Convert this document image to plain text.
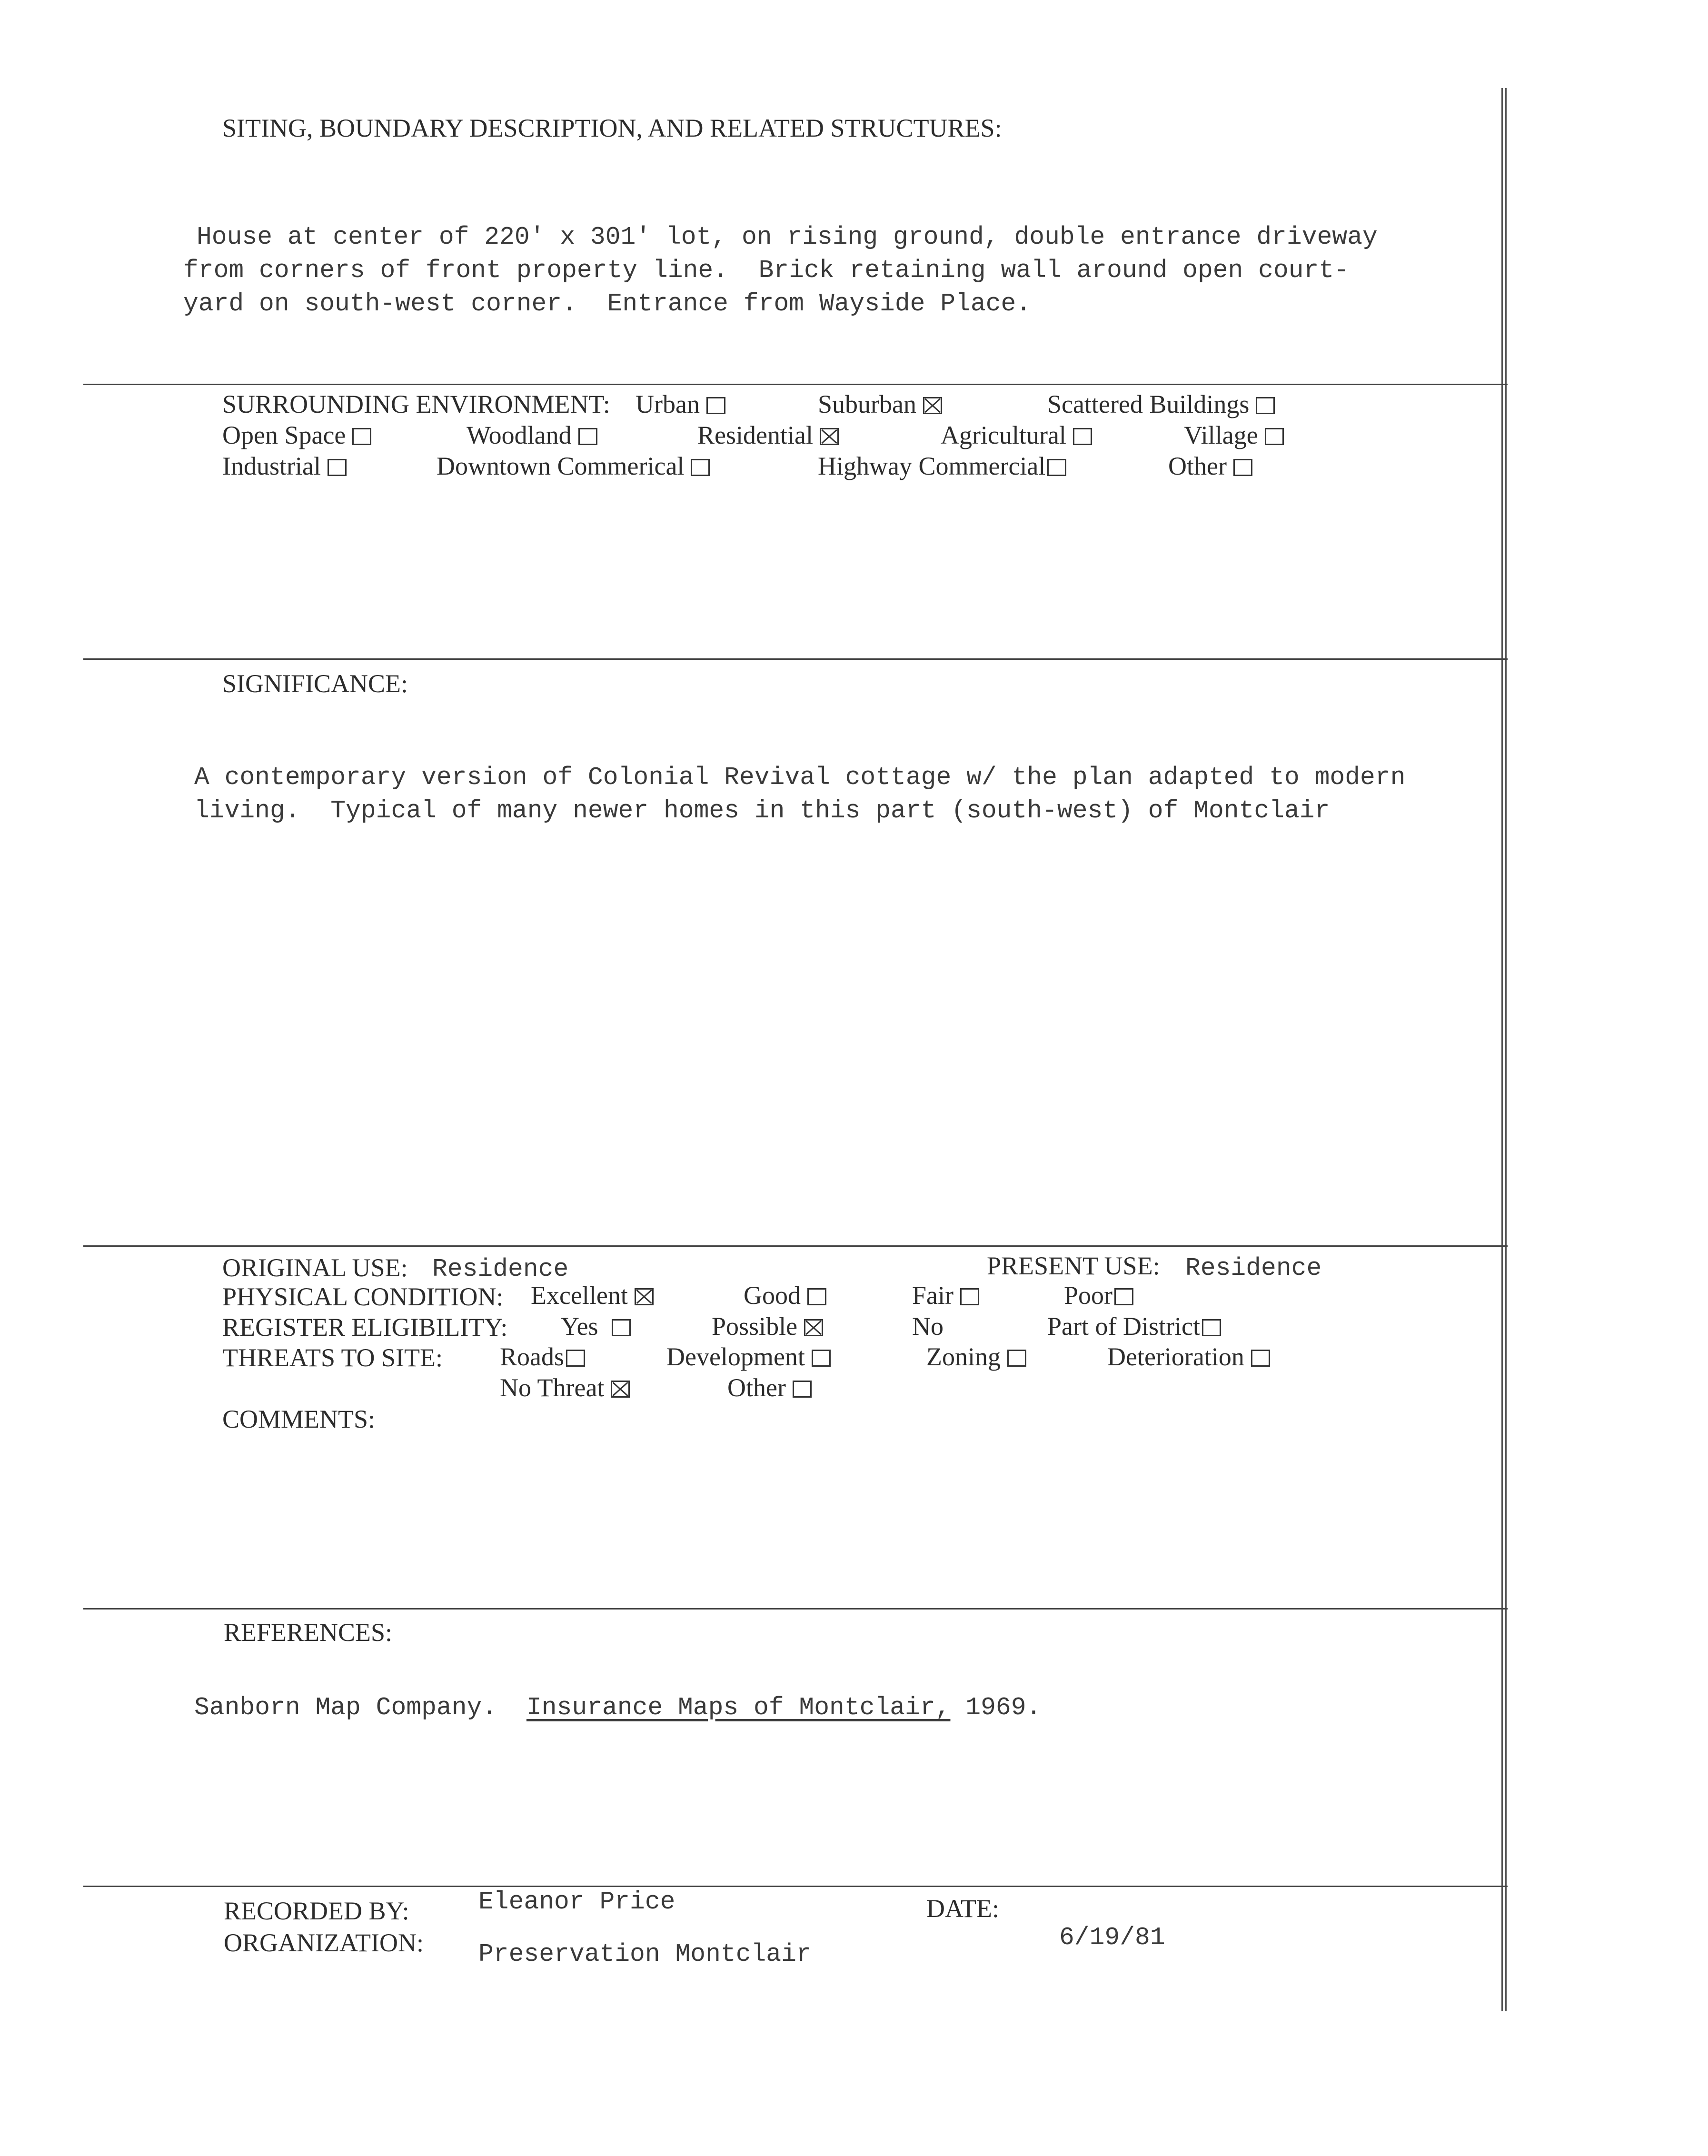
SITING, BOUNDARY DESCRIPTION, AND RELATED STRUCTURES:

House at center of 220' x 301' lot, on rising ground, double entrance driveway
from corners of front property line.  Brick retaining wall around open court-
yard on south-west corner.  Entrance from Wayside Place.

SURROUNDING ENVIRONMENT: Urban	Suburban	Scattered Buildings
Open Space	Woodland	Residential	Agricultural	Village
Industrial	Downtown Commerical	Highway Commercial	Other
SIGNIFICANCE:

A contemporary version of Colonial Revival cottage w/ the plan adapted to modern
living.  Typical of many newer homes in this part (south-west) of Montclair

ORIGINAL USE: Residence	PRESENT USE: Residence
PHYSICAL CONDITION: Excellent	Good	Fair	Poor
REGISTER ELIGIBILITY: Yes	Possible	No	Part of District
THREATS TO SITE: Roads	Development	Zoning	Deterioration
No Threat	Other
COMMENTS:
REFERENCES:
Sanborn Map Company. Insurance Maps of Montclair, 1969.
RECORDED BY:	Eleanor Price	DATE:
6/19/81
ORGANIZATION: Preservation Montclair
